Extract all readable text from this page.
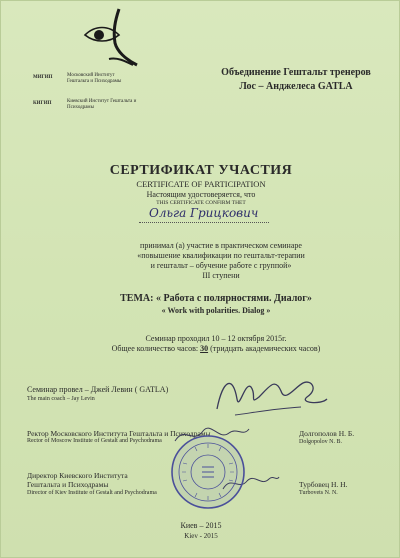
МИГИП	Московский Институт Гештальта и Психодрамы
КИГИП	Киевский Институт Гештальта и Психодрамы
Объединение Гештальт тренеров
Лос – Анджелеса GATLA
СЕРТИФИКАТ УЧАСТИЯ
CERTIFICATE OF PARTICIPATION
Настоящим удостоверяется, что
THIS CERTIFICATE CONFIRM THET
Ольга Грицкович
принимал (а) участие в практическом семинаре
«повышение квалификации по гештальт-терапии
и гештальт – обучение работе с группой»
III ступени
ТЕМА: « Работа с полярностями. Диалог»
« Work with polarities. Dialog »
Семинар проходил 10 – 12 октября 2015г.
Общее количество часов: 30 (тридцать академических часов)
Семинар провел – Джей Левин ( GATLA)
The main coach – Jay Levin
Ректор Московского Института Гештальта и Психодрамы
Rector of Moscow Institute of Gestalt and Psychodrama
Долгополов Н. Б.
Dolgopolov N. B.
Директор Киевского Института
Гештальта и Психодрамы
Director of Kiev Institute of Gestalt and Psychodrama
Турбовец Н. Н.
Turbovets N. N.
Киев – 2015
Kiev - 2015
